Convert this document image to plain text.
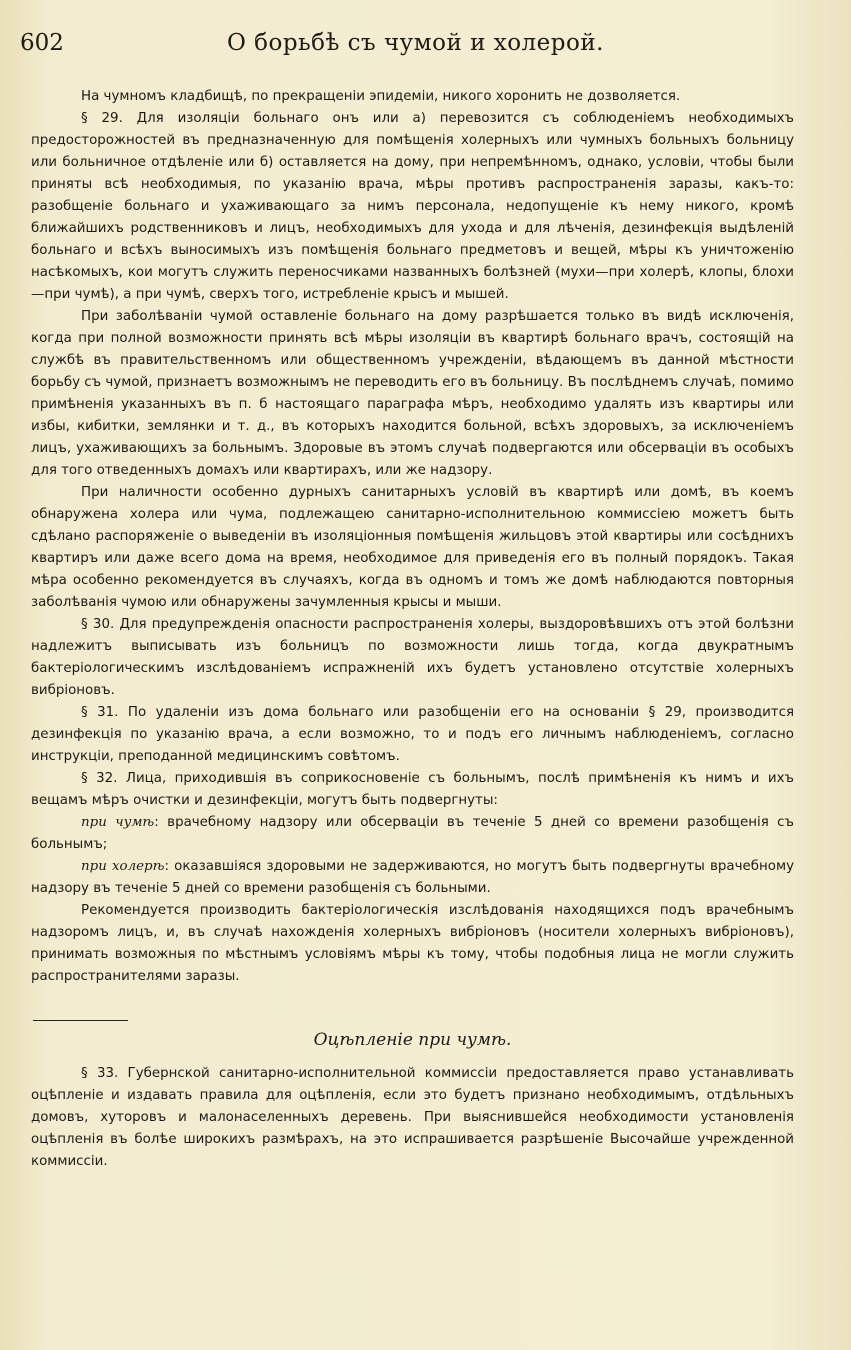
602	О борьбѣ съ чумой и холерой.

На чумномъ кладбищѣ, по прекращеніи эпидеміи, никого хоронить не дозволяется.

§ 29. Для изоляціи больнаго онъ или а) перевозится съ соблюденіемъ необходимыхъ предосторожностей въ предназначенную для помѣщенія холерныхъ или чумныхъ больныхъ больницу или больничное отдѣленіе или б) оставляется на дому, при непремѣнномъ, однако, условіи, чтобы были приняты всѣ необходимыя, по указанію врача, мѣры противъ распространенія заразы, какъ-то: разобщеніе больнаго и ухаживающаго за нимъ персонала, недопущеніе къ нему никого, кромѣ ближайшихъ родственниковъ и лицъ, необходимыхъ для ухода и для лѣченія, дезинфекція выдѣленій больнаго и всѣхъ выносимыхъ изъ помѣщенія больнаго предметовъ и вещей, мѣры къ уничтоженію насѣкомыхъ, кои могутъ служить переносчиками названныхъ болѣзней (мухи—при холерѣ, клопы, блохи—при чумѣ), а при чумѣ, сверхъ того, истребленіе крысъ и мышей.

При заболѣваніи чумой оставленіе больнаго на дому разрѣшается только въ видѣ исключенія, когда при полной возможности принять всѣ мѣры изоляціи въ квартирѣ больнаго врачъ, состоящій на службѣ въ правительственномъ или общественномъ учрежденіи, вѣдающемъ въ данной мѣстности борьбу съ чумой, признаетъ возможнымъ не переводить его въ больницу. Въ послѣднемъ случаѣ, помимо примѣненія указанныхъ въ п. б настоящаго параграфа мѣръ, необходимо удалять изъ квартиры или избы, кибитки, землянки и т. д., въ которыхъ находится больной, всѣхъ здоровыхъ, за исключеніемъ лицъ, ухаживающихъ за больнымъ. Здоровые въ этомъ случаѣ подвергаются или обсерваціи въ особыхъ для того отведенныхъ домахъ или квартирахъ, или же надзору.

При наличности особенно дурныхъ санитарныхъ условій въ квартирѣ или домѣ, въ коемъ обнаружена холера или чума, подлежащею санитарно-исполнительною коммиссіею можетъ быть сдѣлано распоряженіе о выведеніи въ изоляціонныя помѣщенія жильцовъ этой квартиры или сосѣднихъ квартиръ или даже всего дома на время, необходимое для приведенія его въ полный порядокъ. Такая мѣра особенно рекомендуется въ случаяхъ, когда въ одномъ и томъ же домѣ наблюдаются повторныя заболѣванія чумою или обнаружены зачумленныя крысы и мыши.

§ 30. Для предупрежденія опасности распространенія холеры, выздоровѣвшихъ отъ этой болѣзни надлежитъ выписывать изъ больницъ по возможности лишь тогда, когда двукратнымъ бактеріологическимъ изслѣдованіемъ испражненій ихъ будетъ установлено отсутствіе холерныхъ вибріоновъ.

§ 31. По удаленіи изъ дома больнаго или разобщеніи его на основаніи § 29, производится дезинфекція по указанію врача, а если возможно, то и подъ его личнымъ наблюденіемъ, согласно инструкціи, преподанной медицинскимъ совѣтомъ.

§ 32. Лица, приходившія въ соприкосновеніе съ больнымъ, послѣ примѣненія къ нимъ и ихъ вещамъ мѣръ очистки и дезинфекціи, могутъ быть подвергнуты:

при чумѣ: врачебному надзору или обсерваціи въ теченіе 5 дней со времени разобщенія съ больнымъ;

при холерѣ: оказавшіяся здоровыми не задерживаются, но могутъ быть подвергнуты врачебному надзору въ теченіе 5 дней со времени разобщенія съ больными.

Рекомендуется производить бактеріологическія изслѣдованія находящихся подъ врачебнымъ надзоромъ лицъ, и, въ случаѣ нахожденія холерныхъ вибріоновъ (носители холерныхъ вибріоновъ), принимать возможныя по мѣстнымъ условіямъ мѣры къ тому, чтобы подобныя лица не могли служить распространителями заразы.

Оцѣпленіе при чумѣ.

§ 33. Губернской санитарно-исполнительной коммиссіи предоставляется право устанавливать оцѣпленіе и издавать правила для оцѣпленія, если это будетъ признано необходимымъ, отдѣльныхъ домовъ, хуторовъ и малонаселенныхъ деревень. При выяснившейся необходимости установленія оцѣпленія въ болѣе широкихъ размѣрахъ, на это испрашивается разрѣшеніе Высочайше учрежденной коммиссіи.
